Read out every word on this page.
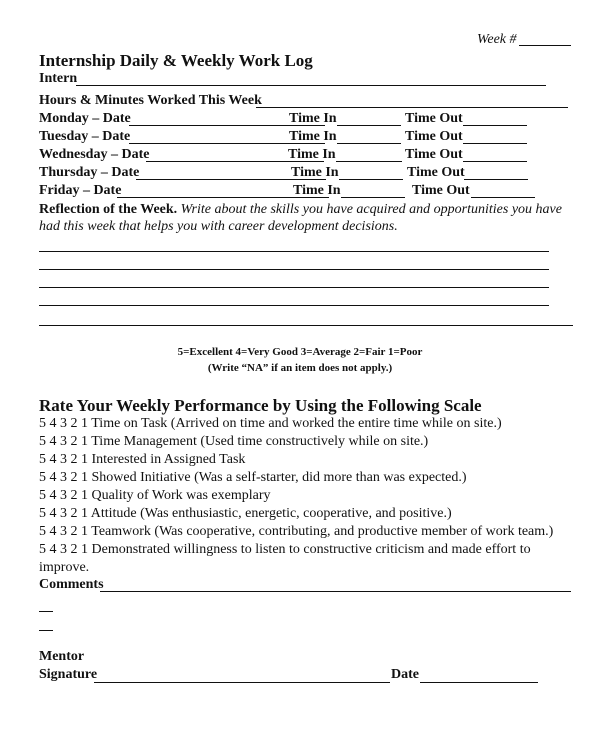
Week #
Internship Daily & Weekly Work Log
Intern
Hours & Minutes Worked This Week
Monday – Date	Time In	Time Out
Tuesday – Date	Time In	Time Out
Wednesday – Date	Time In	Time Out
Thursday – Date	Time In	Time Out
Friday – Date	Time In	Time Out
Reflection of the Week. Write about the skills you have acquired and opportunities you have
had this week that helps you with career development decisions.
5=Excellent 4=Very Good 3=Average 2=Fair 1=Poor
(Write “NA” if an item does not apply.)
Rate Your Weekly Performance by Using the Following Scale
5 4 3 2 1 Time on Task (Arrived on time and worked the entire time while on site.)
5 4 3 2 1 Time Management (Used time constructively while on site.)
5 4 3 2 1 Interested in Assigned Task
5 4 3 2 1 Showed Initiative (Was a self-starter, did more than was expected.)
5 4 3 2 1 Quality of Work was exemplary
5 4 3 2 1 Attitude (Was enthusiastic, energetic, cooperative, and positive.)
5 4 3 2 1 Teamwork (Was cooperative, contributing, and productive member of work team.)
5 4 3 2 1 Demonstrated willingness to listen to constructive criticism and made effort to
improve.
Comments
Mentor
Signature	Date
